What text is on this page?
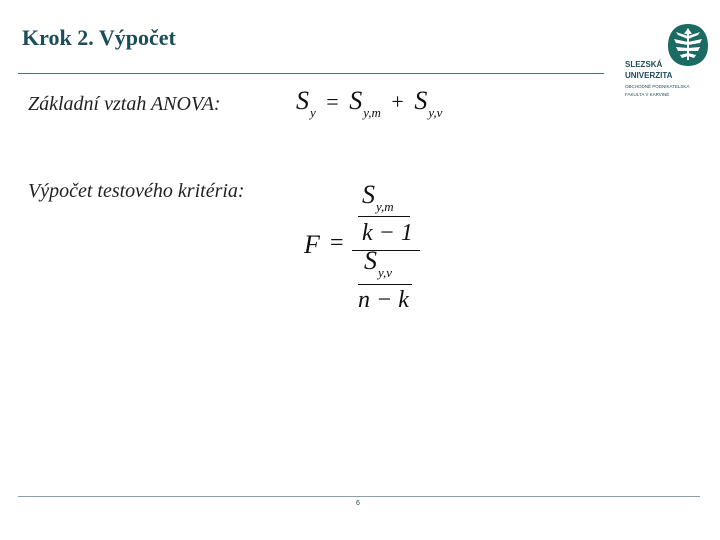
Krok 2. Výpočet
SLEZSKÁ
UNIVERZITA
OBCHODNĚ PODNIKATELSKÁ
FAKULTA V KARVINÉ
Základní vztah ANOVA:	$S_y = S_{y,m} + S_{y,v}$
Výpočet testového kritéria:
F =
$S_{y,m}$
k − 1
$S_{y,v}$
n − k
6
